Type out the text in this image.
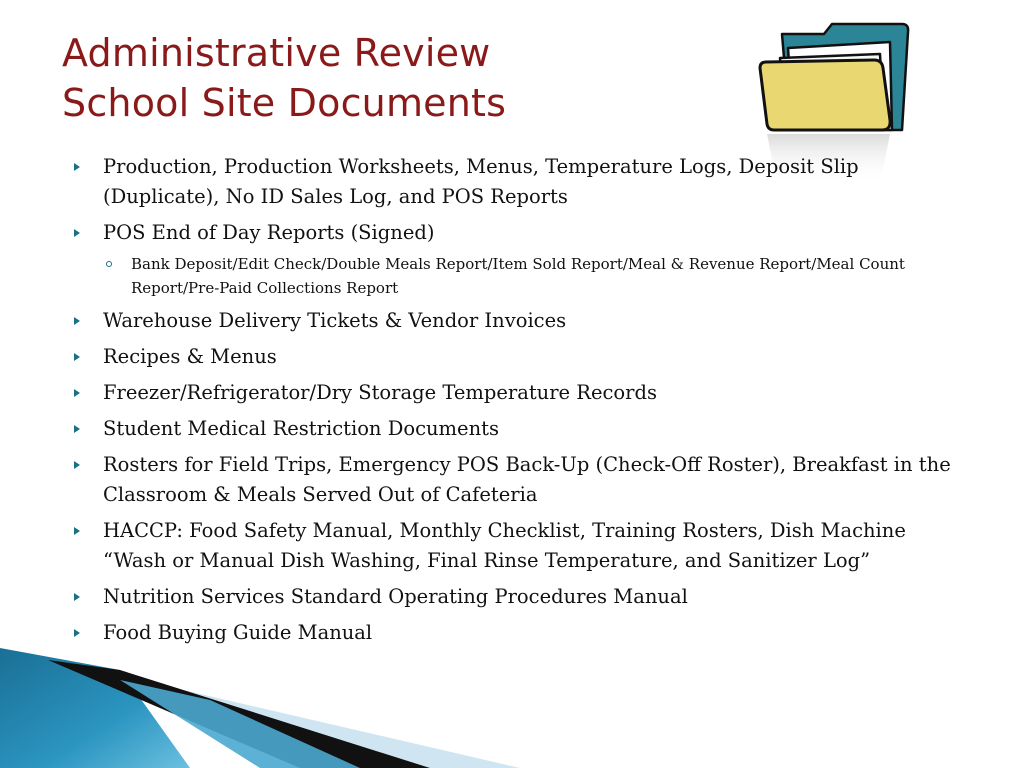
Administrative Review
School Site Documents
Production, Production Worksheets, Menus, Temperature Logs, Deposit Slip (Duplicate), No ID Sales Log, and POS Reports
POS End of Day Reports (Signed)
Bank Deposit/Edit Check/Double Meals Report/Item Sold Report/Meal & Revenue Report/Meal Count Report/Pre-Paid Collections Report
Warehouse Delivery Tickets & Vendor Invoices
Recipes & Menus
Freezer/Refrigerator/Dry Storage Temperature Records
Student Medical Restriction Documents
Rosters for Field Trips, Emergency POS Back-Up (Check-Off Roster), Breakfast in the Classroom & Meals Served Out of Cafeteria
HACCP: Food Safety Manual, Monthly Checklist, Training Rosters, Dish Machine “Wash or Manual Dish Washing, Final Rinse Temperature, and Sanitizer Log”
Nutrition Services Standard Operating Procedures Manual
Food Buying Guide Manual
